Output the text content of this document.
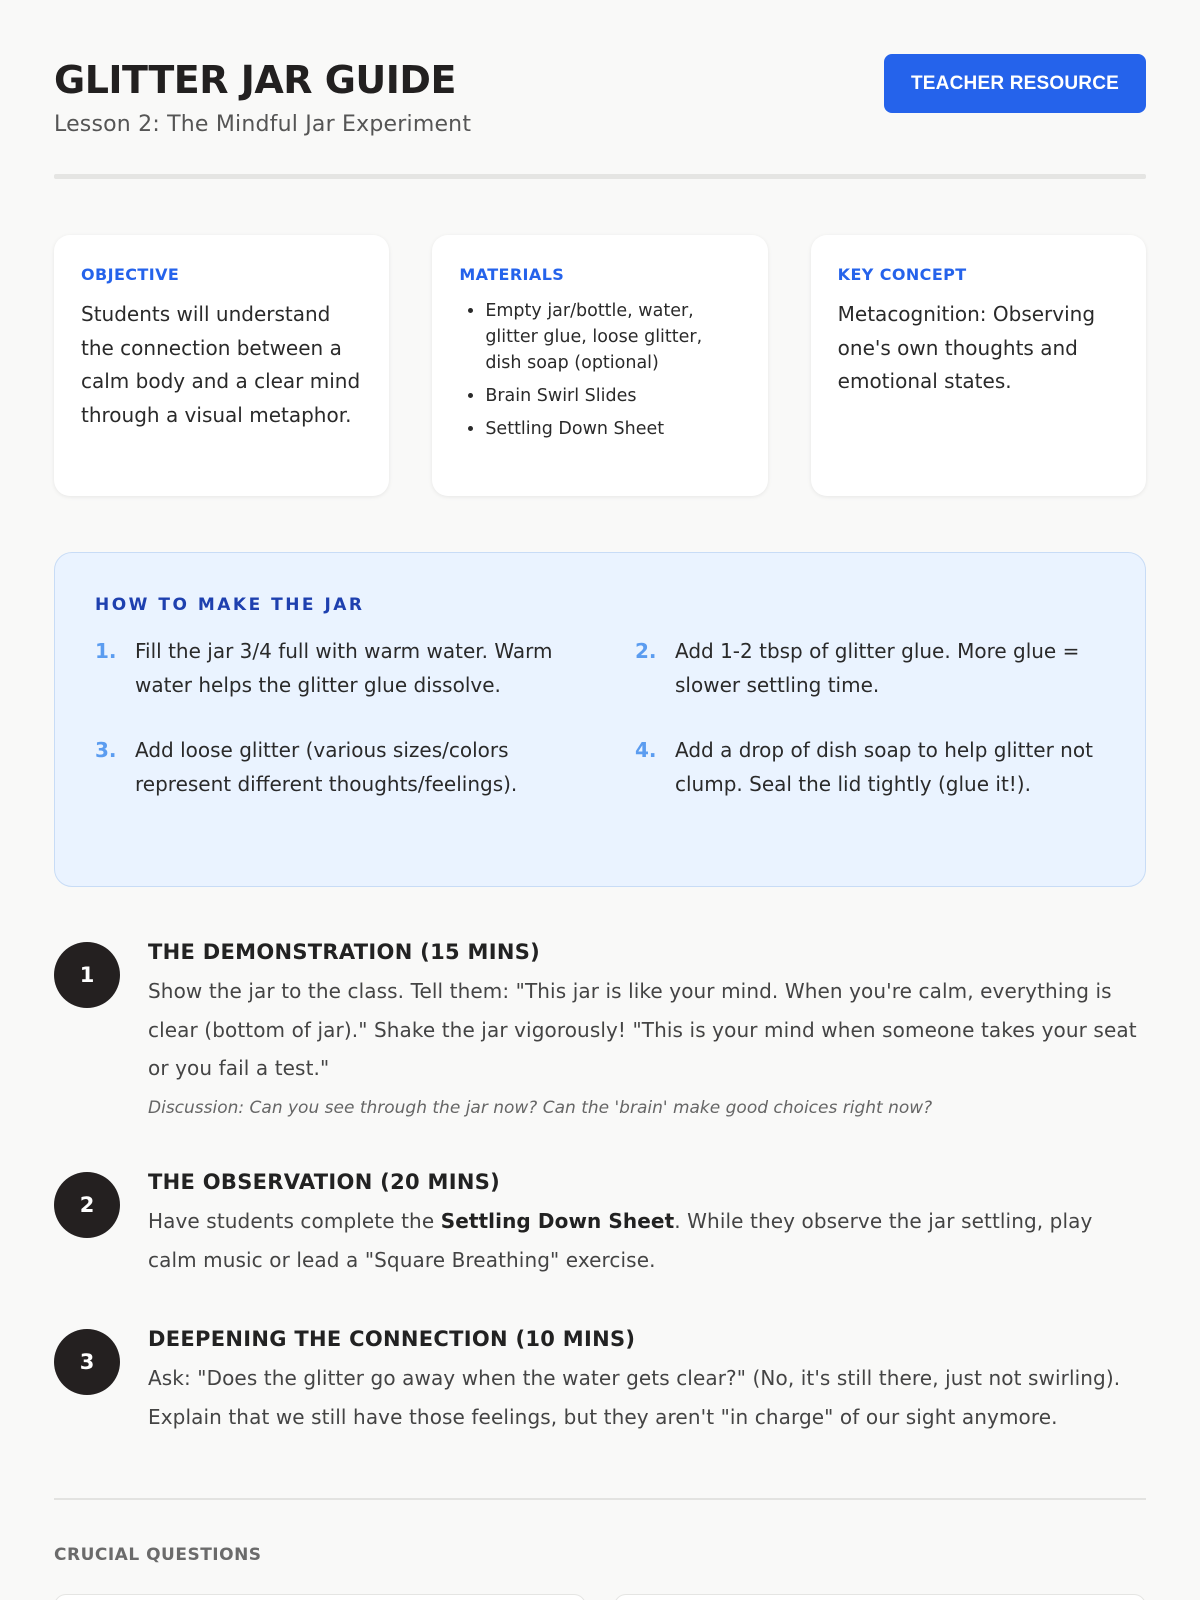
GLITTER JAR GUIDE
Lesson 2: The Mindful Jar Experiment
TEACHER RESOURCE
OBJECTIVE

Students will understand the connection between a calm body and a clear mind through a visual metaphor.

MATERIALS
• Empty jar/bottle, water, glitter glue, loose glitter, dish soap (optional)
• Brain Swirl Slides
• Settling Down Sheet
KEY CONCEPT

Metacognition: Observing one's own thoughts and emotional states.

HOW TO MAKE THE JAR
1. Fill the jar 3/4 full with warm water. Warm water helps the glitter glue dissolve.
2. Add 1-2 tbsp of glitter glue. More glue = slower settling time.
3. Add loose glitter (various sizes/colors represent different thoughts/feelings).
4. Add a drop of dish soap to help glitter not clump. Seal the lid tightly (glue it!).
1
THE DEMONSTRATION (15 MINS)
Show the jar to the class. Tell them: "This jar is like your mind. When you're calm, everything is clear (bottom of jar)." Shake the jar vigorously! "This is your mind when someone takes your seat or you fail a test."
Discussion: Can you see through the jar now? Can the 'brain' make good choices right now?
2
THE OBSERVATION (20 MINS)
Have students complete the Settling Down Sheet. While they observe the jar settling, play calm music or lead a "Square Breathing" exercise.
3
DEEPENING THE CONNECTION (10 MINS)
Ask: "Does the glitter go away when the water gets clear?" (No, it's still there, just not swirling). Explain that we still have those feelings, but they aren't "in charge" of our sight anymore.
CRUCIAL QUESTIONS
